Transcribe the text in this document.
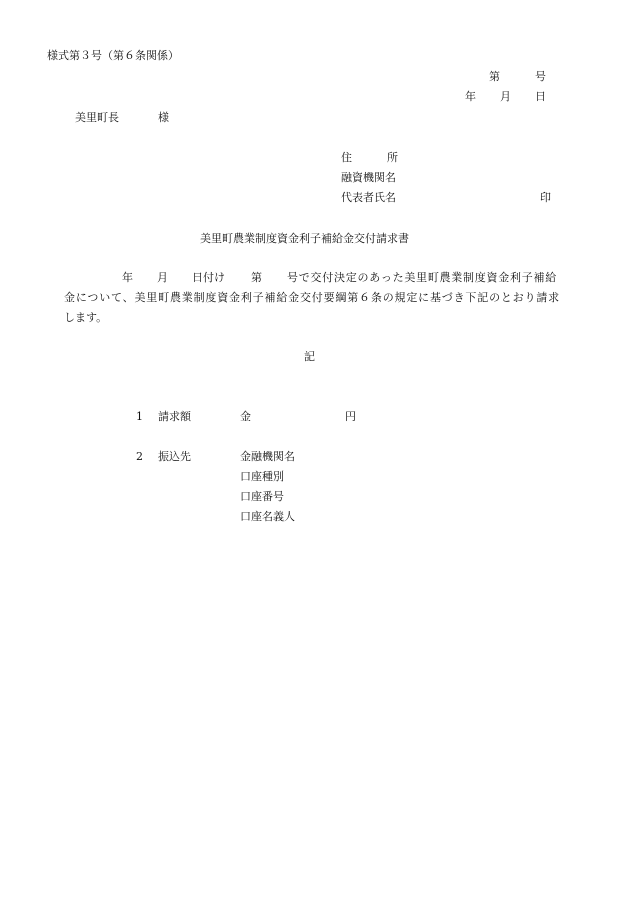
様式第３号（第６条関係）
第	号
年 月 日
美里町長	様
住	所
融資機関名
代表者氏名	印
美里町農業制度資金利子補給金交付請求書
年 月 日付け 第 号で交付決定のあった美里町農業制度資金利子補給
金について、美里町農業制度資金利子補給金交付要綱第６条の規定に基づき下記のとおり請求
します。
記
1 請求額	金	円
2 振込先	金融機関名
口座種別
口座番号
口座名義人
